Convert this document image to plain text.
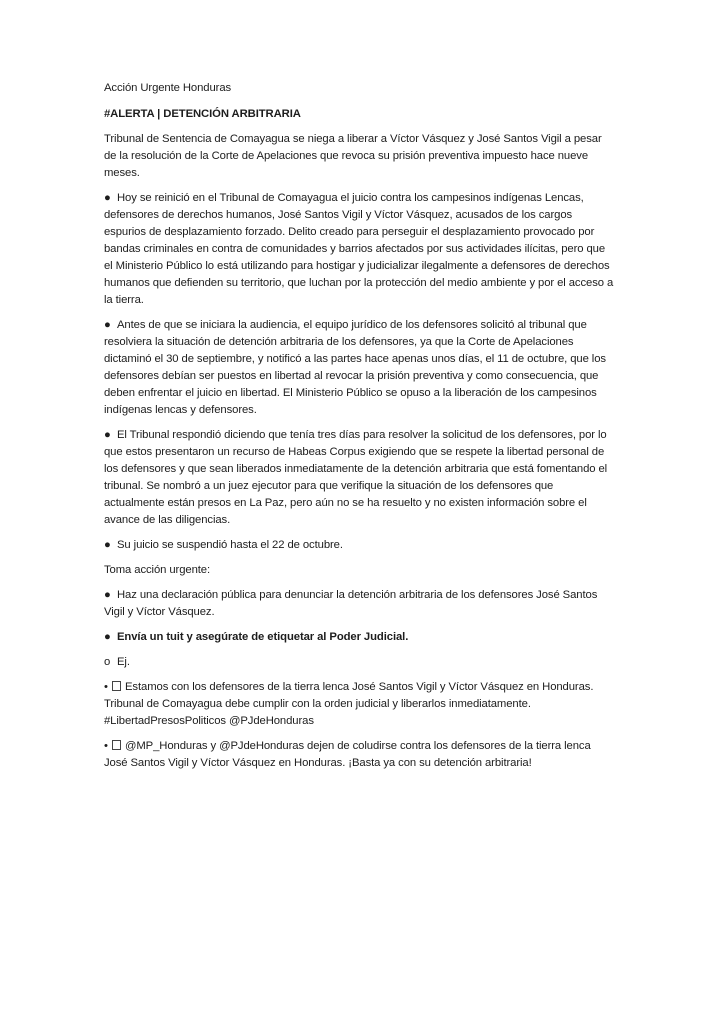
Acción Urgente Honduras

#ALERTA | DETENCIÓN ARBITRARIA

Tribunal de Sentencia de Comayagua se niega a liberar a Víctor Vásquez y José Santos Vigil a pesar de la resolución de la Corte de Apelaciones que revoca su prisión preventiva impuesto hace nueve meses.

● Hoy se reinició en el Tribunal de Comayagua el juicio contra los campesinos indígenas Lencas, defensores de derechos humanos, José Santos Vigil y Víctor Vásquez, acusados de los cargos espurios de desplazamiento forzado. Delito creado para perseguir el desplazamiento provocado por bandas criminales en contra de comunidades y barrios afectados por sus actividades ilícitas, pero que el Ministerio Público lo está utilizando para hostigar y judicializar ilegalmente a defensores de derechos humanos que defienden su territorio, que luchan por la protección del medio ambiente y por el acceso a la tierra.

● Antes de que se iniciara la audiencia, el equipo jurídico de los defensores solicitó al tribunal que resolviera la situación de detención arbitraria de los defensores, ya que la Corte de Apelaciones dictaminó el 30 de septiembre, y notificó a las partes hace apenas unos días, el 11 de octubre, que los defensores debían ser puestos en libertad al revocar la prisión preventiva y como consecuencia, que deben enfrentar el juicio en libertad. El Ministerio Público se opuso a la liberación de los campesinos indígenas lencas y defensores.

● El Tribunal respondió diciendo que tenía tres días para resolver la solicitud de los defensores, por lo que estos presentaron un recurso de Habeas Corpus exigiendo que se respete la libertad personal de los defensores y que sean liberados inmediatamente de la detención arbitraria que está fomentando el tribunal. Se nombró a un juez ejecutor para que verifique la situación de los defensores que actualmente están presos en La Paz, pero aún no se ha resuelto y no existen información sobre el avance de las diligencias.

● Su juicio se suspendió hasta el 22 de octubre.

Toma acción urgente:

● Haz una declaración pública para denunciar la detención arbitraria de los defensores José Santos Vigil y Víctor Vásquez.

● Envía un tuit y asegúrate de etiquetar al Poder Judicial.

o Ej.

• Estamos con los defensores de la tierra lenca José Santos Vigil y Víctor Vásquez en Honduras. Tribunal de Comayagua debe cumplir con la orden judicial y liberarlos inmediatamente. #LibertadPresosPoliticos @PJdeHonduras

• @MP_Honduras y @PJdeHonduras dejen de coludirse contra los defensores de la tierra lenca José Santos Vigil y Víctor Vásquez en Honduras. ¡Basta ya con su detención arbitraria!
